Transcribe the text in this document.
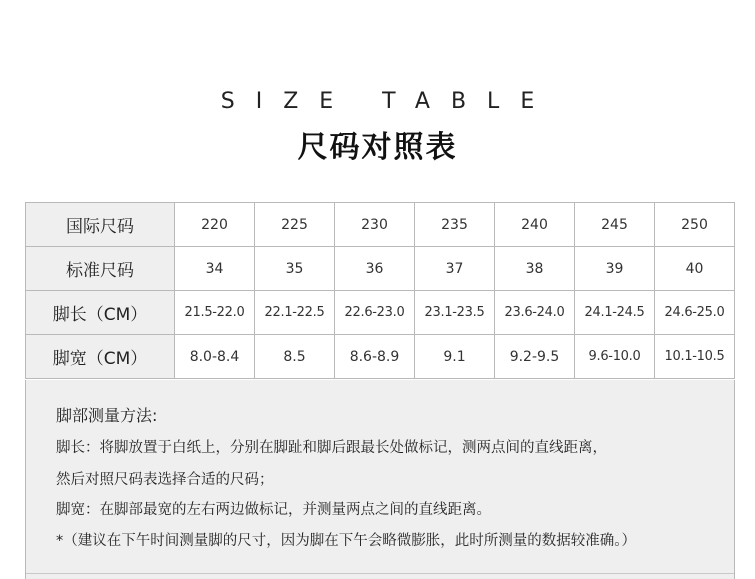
SIZE TABLE
尺码对照表
国际尺码	220	225	230	235	240	245	250
标准尺码	34	35	36	37	38	39	40
脚长（CM）	21.5-22.0	22.1-22.5	22.6-23.0	23.1-23.5	23.6-24.0	24.1-24.5	24.6-25.0
脚宽（CM）	8.0-8.4	8.5	8.6-8.9	9.1	9.2-9.5	9.6-10.0	10.1-10.5
脚部测量方法:
脚长：将脚放置于白纸上，分别在脚趾和脚后跟最长处做标记，测两点间的直线距离，
然后对照尺码表选择合适的尺码；
脚宽：在脚部最宽的左右两边做标记，并测量两点之间的直线距离。
*（建议在下午时间测量脚的尺寸，因为脚在下午会略微膨胀，此时所测量的数据较准确。）
